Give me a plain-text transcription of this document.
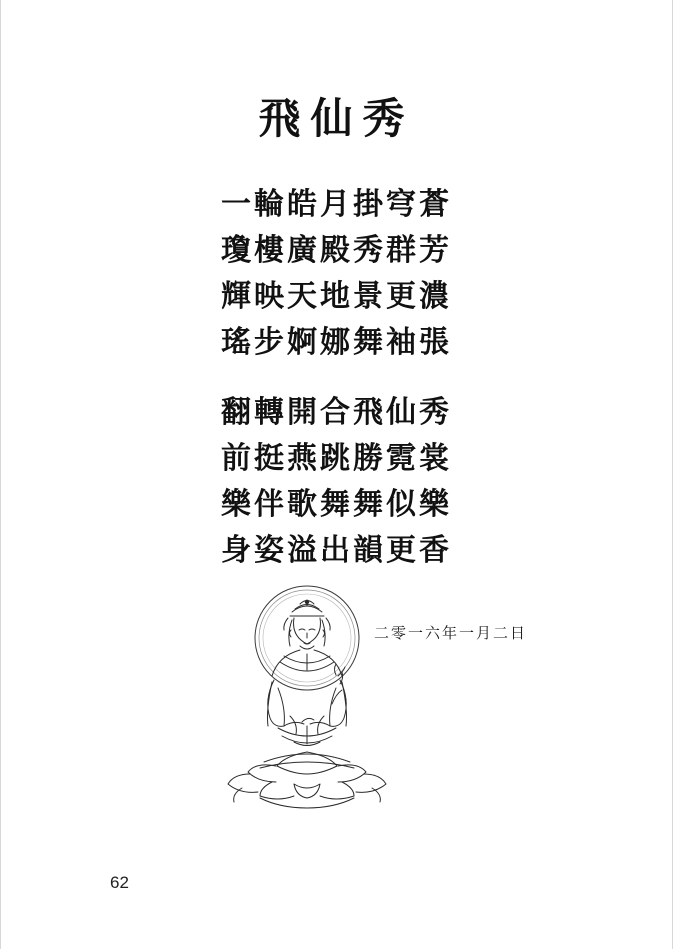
飛仙秀
一輪皓月掛穹蒼
瓊樓廣殿秀群芳
輝映天地景更濃
瑤步婀娜舞袖張
翻轉開合飛仙秀
前挺燕跳勝霓裳
樂伴歌舞舞似樂
身姿溢出韻更香
二零一六年一月二日
62
